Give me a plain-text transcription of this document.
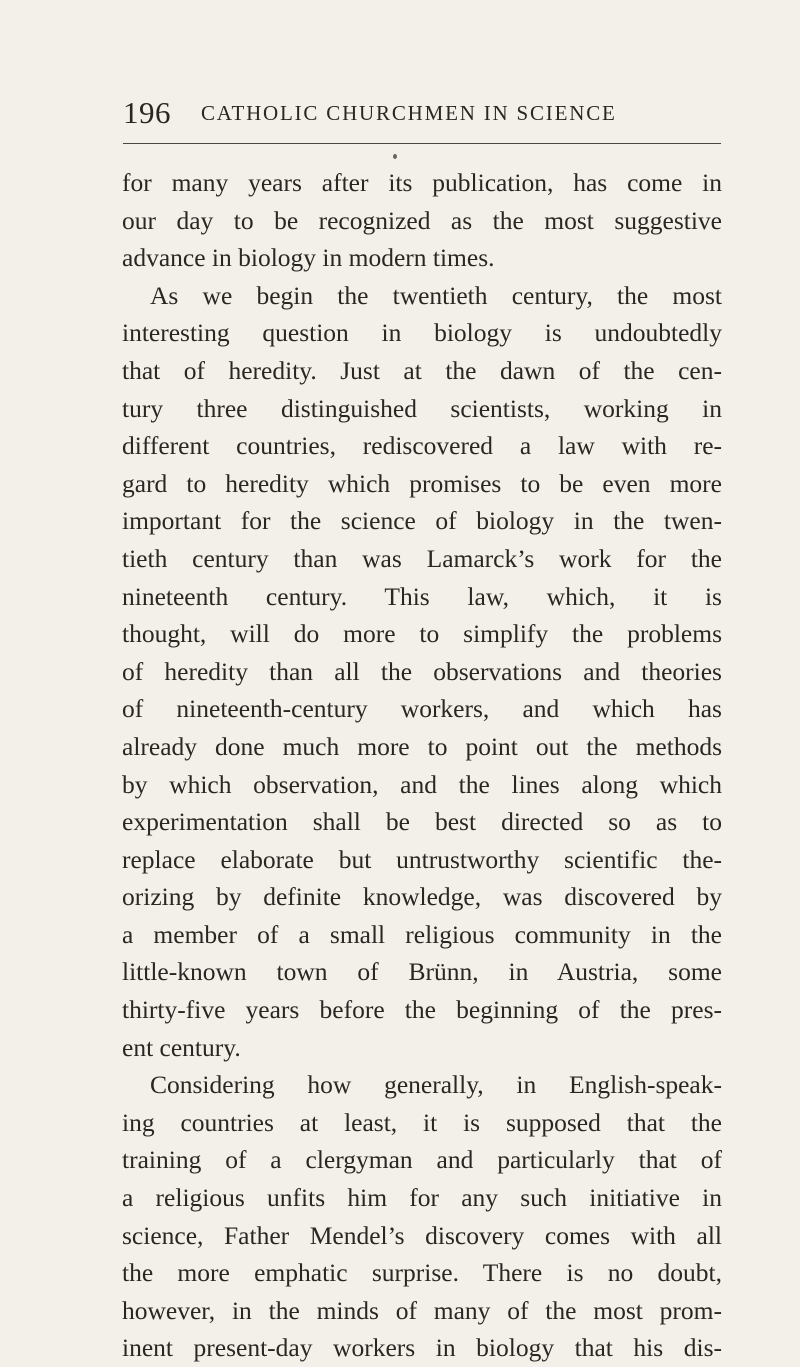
196 CATHOLIC CHURCHMEN IN SCIENCE
for many years after its publication, has come in
our day to be recognized as the most suggestive
advance in biology in modern times.
As we begin the twentieth century, the most
interesting question in biology is undoubtedly
that of heredity. Just at the dawn of the cen-
tury three distinguished scientists, working in
different countries, rediscovered a law with re-
gard to heredity which promises to be even more
important for the science of biology in the twen-
tieth century than was Lamarck’s work for the
nineteenth century. This law, which, it is
thought, will do more to simplify the problems
of heredity than all the observations and theories
of nineteenth-century workers, and which has
already done much more to point out the methods
by which observation, and the lines along which
experimentation shall be best directed so as to
replace elaborate but untrustworthy scientific the-
orizing by definite knowledge, was discovered by
a member of a small religious community in the
little-known town of Brünn, in Austria, some
thirty-five years before the beginning of the pres-
ent century.
Considering how generally, in English-speak-
ing countries at least, it is supposed that the
training of a clergyman and particularly that of
a religious unfits him for any such initiative in
science, Father Mendel’s discovery comes with all
the more emphatic surprise. There is no doubt,
however, in the minds of many of the most prom-
inent present-day workers in biology that his dis-
